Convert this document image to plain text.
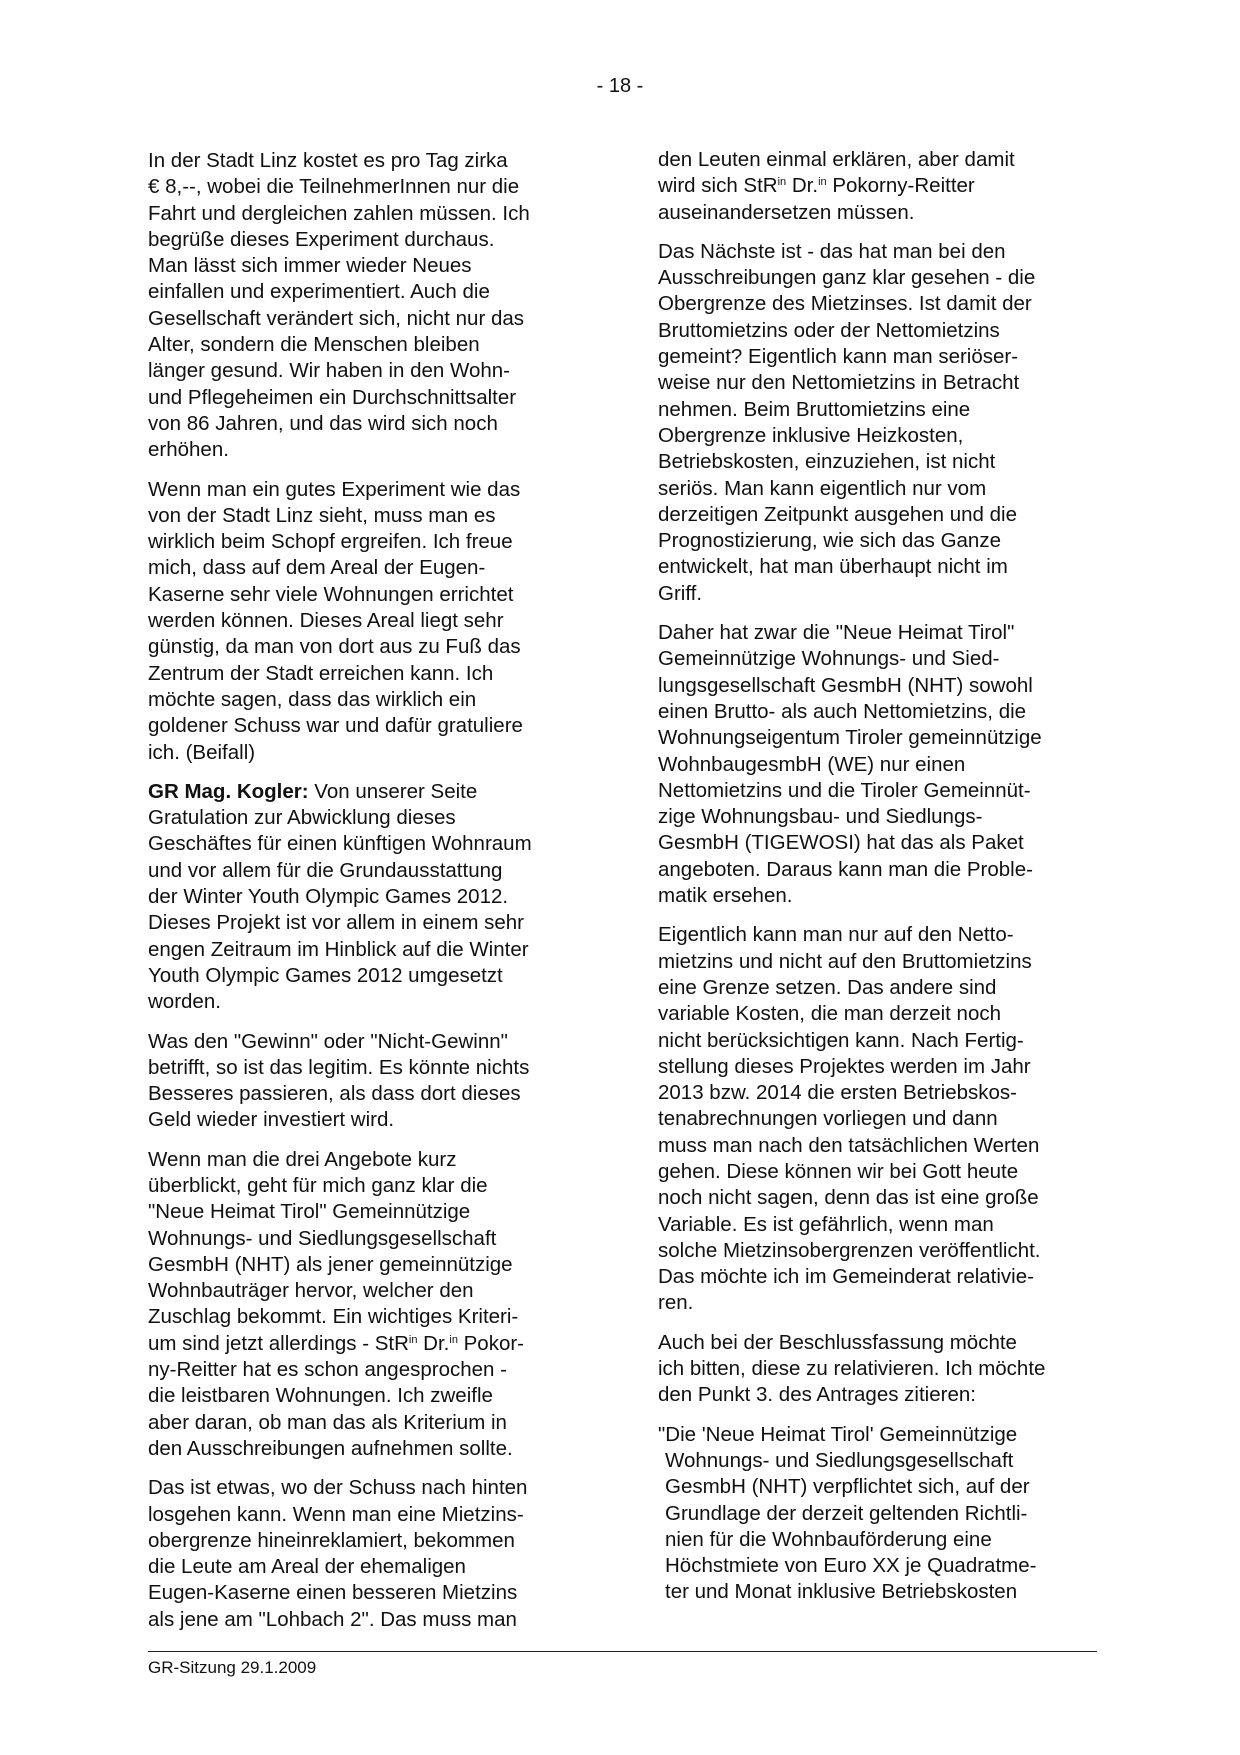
- 18 -

In der Stadt Linz kostet es pro Tag zirka
€ 8,--, wobei die TeilnehmerInnen nur die
Fahrt und dergleichen zahlen müssen. Ich
begrüße dieses Experiment durchaus.
Man lässt sich immer wieder Neues
einfallen und experimentiert. Auch die
Gesellschaft verändert sich, nicht nur das
Alter, sondern die Menschen bleiben
länger gesund. Wir haben in den Wohn-
und Pflegeheimen ein Durchschnittsalter
von 86 Jahren, und das wird sich noch
erhöhen.

Wenn man ein gutes Experiment wie das
von der Stadt Linz sieht, muss man es
wirklich beim Schopf ergreifen. Ich freue
mich, dass auf dem Areal der Eugen-
Kaserne sehr viele Wohnungen errichtet
werden können. Dieses Areal liegt sehr
günstig, da man von dort aus zu Fuß das
Zentrum der Stadt erreichen kann. Ich
möchte sagen, dass das wirklich ein
goldener Schuss war und dafür gratuliere
ich. (Beifall)

GR Mag. Kogler: Von unserer Seite
Gratulation zur Abwicklung dieses
Geschäftes für einen künftigen Wohnraum
und vor allem für die Grundausstattung
der Winter Youth Olympic Games 2012.
Dieses Projekt ist vor allem in einem sehr
engen Zeitraum im Hinblick auf die Winter
Youth Olympic Games 2012 umgesetzt
worden.

Was den "Gewinn" oder "Nicht-Gewinn"
betrifft, so ist das legitim. Es könnte nichts
Besseres passieren, als dass dort dieses
Geld wieder investiert wird.

Wenn man die drei Angebote kurz
überblickt, geht für mich ganz klar die
"Neue Heimat Tirol" Gemeinnützige
Wohnungs- und Siedlungsgesellschaft
GesmbH (NHT) als jener gemeinnützige
Wohnbauträger hervor, welcher den
Zuschlag bekommt. Ein wichtiges Kriteri-
um sind jetzt allerdings - StR$^{in}$ Dr.$^{in}$ Pokor-
ny-Reitter hat es schon angesprochen -
die leistbaren Wohnungen. Ich zweifle
aber daran, ob man das als Kriterium in
den Ausschreibungen aufnehmen sollte.

Das ist etwas, wo der Schuss nach hinten
losgehen kann. Wenn man eine Mietzins-
obergrenze hineinreklamiert, bekommen
die Leute am Areal der ehemaligen
Eugen-Kaserne einen besseren Mietzins
als jene am "Lohbach 2". Das muss man

den Leuten einmal erklären, aber damit
wird sich StR$^{in}$ Dr.$^{in}$ Pokorny-Reitter
auseinandersetzen müssen.

Das Nächste ist - das hat man bei den
Ausschreibungen ganz klar gesehen - die
Obergrenze des Mietzinses. Ist damit der
Bruttomietzins oder der Nettomietzins
gemeint? Eigentlich kann man seriöser-
weise nur den Nettomietzins in Betracht
nehmen. Beim Bruttomietzins eine
Obergrenze inklusive Heizkosten,
Betriebskosten, einzuziehen, ist nicht
seriös. Man kann eigentlich nur vom
derzeitigen Zeitpunkt ausgehen und die
Prognostizierung, wie sich das Ganze
entwickelt, hat man überhaupt nicht im
Griff.

Daher hat zwar die "Neue Heimat Tirol"
Gemeinnützige Wohnungs- und Sied-
lungsgesellschaft GesmbH (NHT) sowohl
einen Brutto- als auch Nettomietzins, die
Wohnungseigentum Tiroler gemeinnützige
WohnbaugesmbH (WE) nur einen
Nettomietzins und die Tiroler Gemeinnüt-
zige Wohnungsbau- und Siedlungs-
GesmbH (TIGEWOSI) hat das als Paket
angeboten. Daraus kann man die Proble-
matik ersehen.

Eigentlich kann man nur auf den Netto-
mietzins und nicht auf den Bruttomietzins
eine Grenze setzen. Das andere sind
variable Kosten, die man derzeit noch
nicht berücksichtigen kann. Nach Fertig-
stellung dieses Projektes werden im Jahr
2013 bzw. 2014 die ersten Betriebskos-
tenabrechnungen vorliegen und dann
muss man nach den tatsächlichen Werten
gehen. Diese können wir bei Gott heute
noch nicht sagen, denn das ist eine große
Variable. Es ist gefährlich, wenn man
solche Mietzinsobergrenzen veröffentlicht.
Das möchte ich im Gemeinderat relativie-
ren.

Auch bei der Beschlussfassung möchte
ich bitten, diese zu relativieren. Ich möchte
den Punkt 3. des Antrages zitieren:

"Die 'Neue Heimat Tirol' Gemeinnützige
Wohnungs- und Siedlungsgesellschaft
GesmbH (NHT) verpflichtet sich, auf der
Grundlage der derzeit geltenden Richtli-
nien für die Wohnbauförderung eine
Höchstmiete von Euro XX je Quadratme-
ter und Monat inklusive Betriebskosten

GR-Sitzung 29.1.2009
